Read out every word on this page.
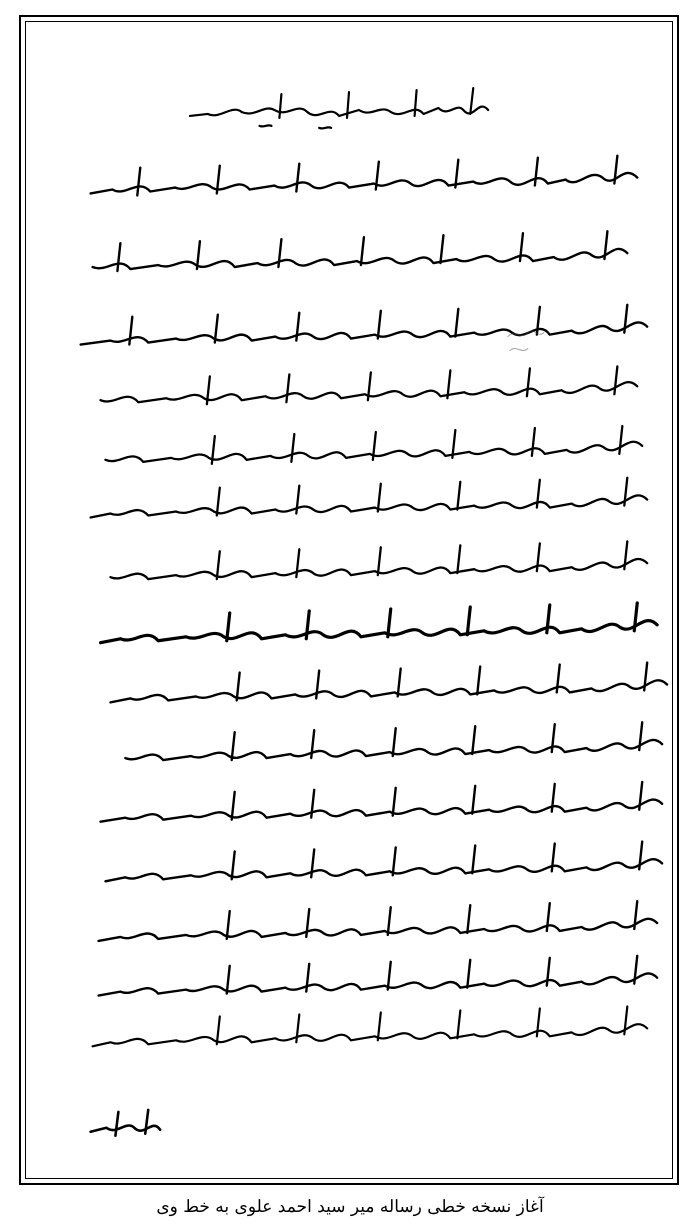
آغاز نسخه خطی رساله میر سید احمد علوی به خط وی
